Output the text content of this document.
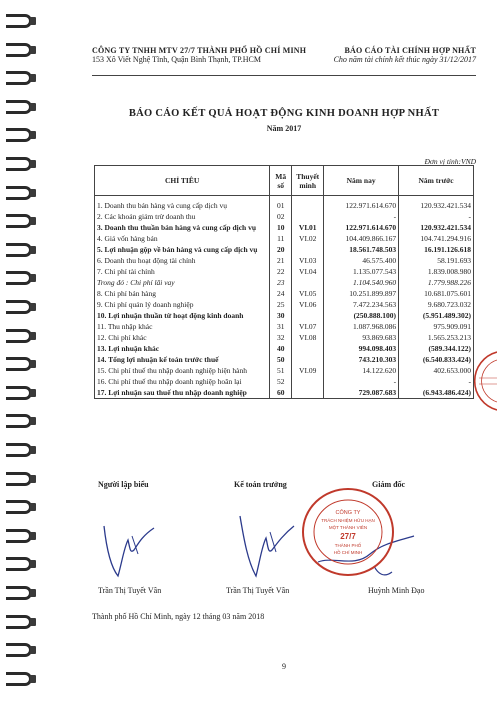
CÔNG TY TNHH MTV 27/7 THÀNH PHỐ HỒ CHÍ MINH
153 Xô Viết Nghệ Tĩnh, Quận Bình Thạnh, TP.HCM
BÁO CÁO TÀI CHÍNH HỢP NHẤT
Cho năm tài chính kết thúc ngày 31/12/2017
BÁO CÁO KẾT QUẢ HOẠT ĐỘNG KINH DOANH HỢP NHẤT
Năm 2017
Đơn vị tính:VND
CHỈ TIÊU	Mã số	Thuyết minh	Năm nay	Năm trước
1. Doanh thu bán hàng và cung cấp dịch vụ	01		122.971.614.670	120.932.421.534
2. Các khoản giảm trừ doanh thu	02		-	-
3. Doanh thu thuần bán hàng và cung cấp dịch vụ	10	VI.01	122.971.614.670	120.932.421.534
4. Giá vốn hàng bán	11	VI.02	104.409.866.167	104.741.294.916
5. Lợi nhuận gộp về bán hàng và cung cấp dịch vụ	20		18.561.748.503	16.191.126.618
6. Doanh thu hoạt động tài chính	21	VI.03	46.575.400	58.191.693
7. Chi phí tài chính	22	VI.04	1.135.077.543	1.839.008.980
Trong đó : Chi phí lãi vay	23		1.104.540.960	1.779.988.226
8. Chi phí bán hàng	24	VI.05	10.251.899.897	10.681.075.601
9. Chi phí quản lý doanh nghiệp	25	VI.06	7.472.234.563	9.680.723.032
10. Lợi nhuận thuần từ hoạt động kinh doanh	30		(250.888.100)	(5.951.489.302)
11. Thu nhập khác	31	VI.07	1.087.968.086	975.909.091
12. Chi phí khác	32	VI.08	93.869.683	1.565.253.213
13. Lợi nhuận khác	40		994.098.403	(589.344.122)
14. Tổng lợi nhuận kế toán trước thuế	50		743.210.303	(6.540.833.424)
15. Chi phí thuế thu nhập doanh nghiệp hiện hành	51	VI.09	14.122.620	402.653.000
16. Chi phí thuế thu nhập doanh nghiệp hoãn lại	52		-	-
17. Lợi nhuận sau thuế thu nhập doanh nghiệp	60		729.087.683	(6.943.486.424)
Người lập biểu	Kế toán trưởng	Giám đốc
CÔNG TY
TRÁCH NHIỆM HỮU HẠN
MỘT THÀNH VIÊN
27/7
THÀNH PHỐ
HỒ CHÍ MINH
Trần Thị Tuyết Vân	Trần Thị Tuyết Vân	Huỳnh Minh Đạo
Thành phố Hồ Chí Minh, ngày 12 tháng 03 năm 2018
9
